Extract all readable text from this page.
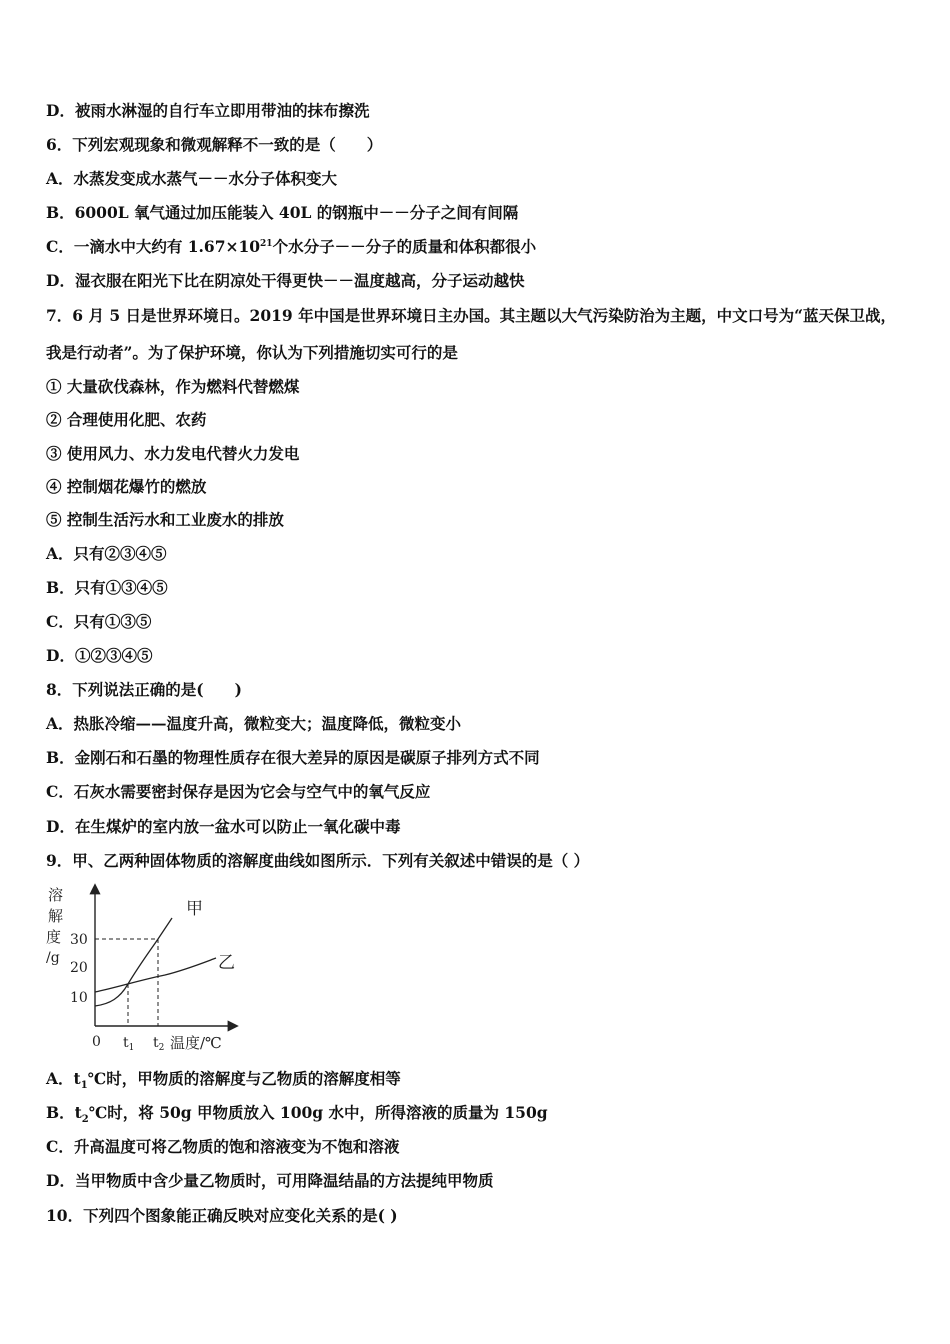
D．被雨水淋湿的自行车立即用带油的抹布擦洗
6．下列宏观现象和微观解释不一致的是（　　）
A．水蒸发变成水蒸气－－水分子体积变大
B．6000L 氧气通过加压能装入 40L 的钢瓶中－－分子之间有间隔
C．一滴水中大约有 $1.67\times 10^{21}$个水分子－－分子的质量和体积都很小
D．湿衣服在阳光下比在阴凉处干得更快－－温度越高，分子运动越快
7．6 月 5 日是世界环境日。2019 年中国是世界环境日主办国。其主题以大气污染防治为主题，中文口号为“蓝天保卫战，
我是行动者”。为了保护环境，你认为下列措施切实可行的是
① 大量砍伐森林，作为燃料代替燃煤
② 合理使用化肥、农药
③ 使用风力、水力发电代替火力发电
④ 控制烟花爆竹的燃放
⑤ 控制生活污水和工业废水的排放
A．只有②③④⑤
B．只有①③④⑤
C．只有①③⑤
D．①②③④⑤
8．下列说法正确的是(　　)
A．热胀冷缩——温度升高，微粒变大；温度降低，微粒变小
B．金刚石和石墨的物理性质存在很大差异的原因是碳原子排列方式不同
C．石灰水需要密封保存是因为它会与空气中的氧气反应
D．在生煤炉的室内放一盆水可以防止一氧化碳中毒
9．甲、乙两种固体物质的溶解度曲线如图所示．下列有关叙述中错误的是（ ）
溶
解
度
/g
30
20
10
甲
乙
0 $t_1$ $t_2$ 温度/℃
A．$t_1℃$时，甲物质的溶解度与乙物质的溶解度相等
B．$t_2℃$时，将 50g 甲物质放入 100g 水中，所得溶液的质量为 150g
C．升高温度可将乙物质的饱和溶液变为不饱和溶液
D．当甲物质中含少量乙物质时，可用降温结晶的方法提纯甲物质
10．下列四个图象能正确反映对应变化关系的是( )
